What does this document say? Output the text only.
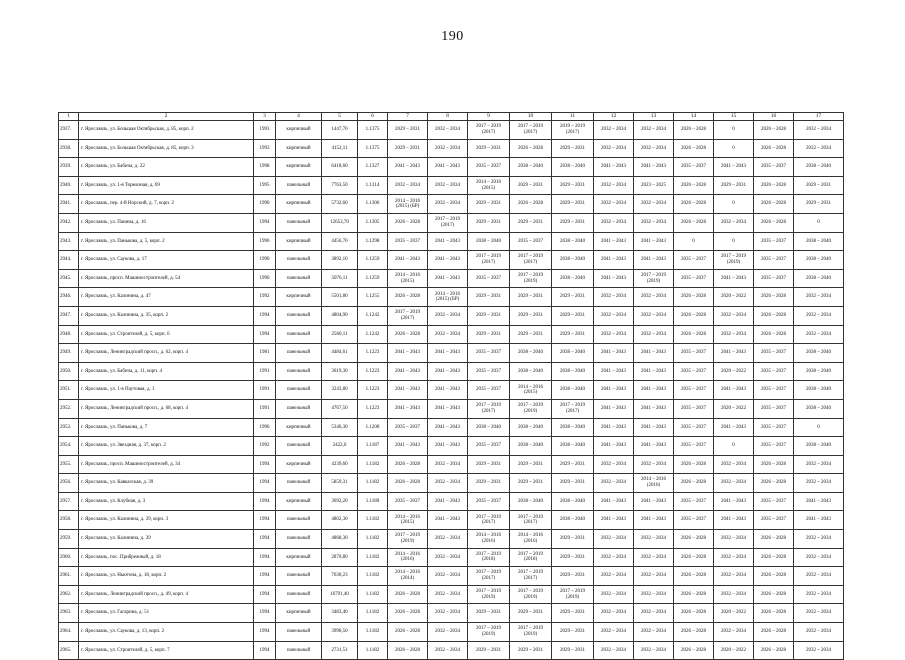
190
1	2	3	4	5	6	7	8	9	10	11	12	13	14	15	16	17
2937.	г. Ярославль, ул. Большая Октябрьская, д. 85, корп. 2	1993	кирпичный	1447,70	1.1375	2029 – 2031	2032 – 2034	2017 – 2019 (2017)	2017 – 2019 (2017)	2019 – 2019 (2017)	2032 – 2034	2032 – 2034	2026 – 2028	0	2026 – 2028	2032 – 2034
2938.	г. Ярославль, ул. Большая Октябрьская, д. 85, корп. 3	1993	кирпичный	4152,11	1.1375	2029 – 2031	2032 – 2034	2029 – 2031	2026 – 2028	2029 – 2031	2032 – 2034	2032 – 2034	2026 – 2028	0	2026 – 2028	2032 – 2034
2939.	г. Ярославль, ул. Бабича, д. 22	1998	кирпичный	6418,60	1.1327	2041 – 2043	2041 – 2043	2035 – 2037	2038 – 2040	2038 – 2040	2041 – 2043	2041 – 2043	2035 – 2037	2041 – 2043	2035 – 2037	2038 – 2040
2940.	г. Ярославль, ул. 1-я Тормозная, д. 69	1995	панельный	7763,50	1.1314	2032 – 2034	2032 – 2034	2014 – 2016 (2015)	2029 – 2031	2029 – 2031	2032 – 2034	2023 – 2025	2026 – 2028	2029 – 2031	2026 – 2028	2029 – 2031
2941.	г. Ярославль, пер. 4-й Норский, д. 7, корп. 2	1990	кирпичный	5732,60	1.1306	2014 – 2016 (2015) (БР)	2032 – 2034	2029 – 2031	2026 – 2028	2029 – 2031	2032 – 2034	2032 – 2034	2026 – 2028	0	2026 – 2028	2029 – 2031
2942.	г. Ярославль, ул. Панина, д. 16	1994	панельный	12653,70	1.1305	2026 – 2028	2017 – 2019 (2017)	2029 – 2031	2029 – 2031	2029 – 2031	2032 – 2034	2032 – 2034	2026 – 2028	2032 – 2034	2026 – 2028	0
2943.	г. Ярославль, ул. Панькова, д. 5, корп. 2	1996	кирпичный	4456,70	1.1298	2035 – 2037	2041 – 2043	2038 – 2040	2035 – 2037	2038 – 2040	2041 – 2043	2041 – 2043	0	0	2035 – 2037	2038 – 2040
2944.	г. Ярославль, ул. Саукова, д. 17	1990	панельный	3892,10	1.1259	2041 – 2043	2041 – 2043	2017 – 2019 (2017)	2017 – 2019 (2017)	2038 – 2040	2041 – 2043	2041 – 2043	2035 – 2037	2017 – 2019 (2019)	2035 – 2037	2038 – 2040
2945.	г. Ярославль, просп. Машиностроителей, д. 54	1990	панельный	5076,11	1.1259	2014 – 2016 (2015)	2041 – 2043	2035 – 2037	2017 – 2019 (2019)	2038 – 2040	2041 – 2043	2017 – 2019 (2019)	2035 – 2037	2041 – 2043	2035 – 2037	2038 – 2040
2946.	г. Ярославль, ул. Калинина, д. 47	1992	кирпичный	5501,80	1.1255	2026 – 2028	2014 – 2016 (2015) (БР)	2029 – 2031	2029 – 2031	2029 – 2031	2032 – 2034	2032 – 2034	2026 – 2028	2020 – 2022	2026 – 2028	2032 – 2034
2947.	г. Ярославль, ул. Калинина, д. 35, корп. 2	1994	панельный	4804,90	1.1242	2017 – 2019 (2017)	2032 – 2034	2029 – 2031	2029 – 2031	2029 – 2031	2032 – 2034	2032 – 2034	2026 – 2028	2032 – 2034	2026 – 2028	2032 – 2034
2948.	г. Ярославль, ул. Строителей, д. 5, корп. 6	1994	панельный	2560,11	1.1242	2026 – 2028	2032 – 2034	2029 – 2031	2029 – 2031	2029 – 2031	2032 – 2034	2032 – 2034	2026 – 2028	2032 – 2034	2026 – 2028	2032 – 2034
2949.	г. Ярославль, Ленинградский просп., д. 62, корп. 4	1981	панельный	4484,61	1.1223	2041 – 2043	2041 – 2043	2035 – 2037	2038 – 2040	2038 – 2040	2041 – 2043	2041 – 2043	2035 – 2037	2041 – 2043	2035 – 2037	2038 – 2040
2950.	г. Ярославль, ул. Бабича, д. 11, корп. 4	1991	панельный	3619,30	1.1223	2041 – 2043	2041 – 2043	2035 – 2037	2038 – 2040	2038 – 2040	2041 – 2043	2041 – 2043	2035 – 2037	2020 – 2022	2035 – 2037	2038 – 2040
2951.	г. Ярославль, ул. 1-я Паутовая, д. 1	1991	панельный	3243,80	1.1223	2041 – 2043	2041 – 2043	2035 – 2037	2014 – 2016 (2015)	2038 – 2040	2041 – 2043	2041 – 2043	2035 – 2037	2041 – 2043	2035 – 2037	2038 – 2040
2952.	г. Ярославль, Ленинградский просп., д. 68, корп. 4	1991	панельный	4767,50	1.1223	2041 – 2043	2041 – 2043	2017 – 2019 (2017)	2017 – 2019 (2019)	2017 – 2019 (2017)	2041 – 2043	2041 – 2043	2035 – 2037	2020 – 2022	2035 – 2037	2038 – 2040
2953.	г. Ярославль, ул. Панькова, д. 7	1996	кирпичный	5346,30	1.1208	2035 – 2037	2041 – 2043	2038 – 2040	2038 – 2040	2038 – 2040	2041 – 2043	2041 – 2043	2035 – 2037	2041 – 2043	2035 – 2037	0
2954.	г. Ярославль, ул. Звездная, д. 37, корп. 2	1992	панельный	2422,0	1.1187	2041 – 2043	2041 – 2043	2035 – 2037	2038 – 2040	2038 – 2040	2041 – 2043	2041 – 2043	2035 – 2037	0	2035 – 2037	2038 – 2040
2955.	г. Ярославль, просп. Машиностроителей, д. 34	1994	кирпичный	4239,60	1.1182	2026 – 2028	2032 – 2034	2029 – 2031	2029 – 2031	2029 – 2031	2032 – 2034	2032 – 2034	2026 – 2028	2032 – 2034	2026 – 2028	2032 – 2034
2956.	г. Ярославль, ул. Кавказская, д. 39	1994	панельный	5859,31	1.1182	2026 – 2028	2032 – 2034	2029 – 2031	2029 – 2031	2029 – 2031	2032 – 2034	2014 – 2016 (2016)	2026 – 2028	2032 – 2034	2026 – 2028	2032 – 2034
2957.	г. Ярославль, ул. Клубная, д. 3	1994	кирпичный	3692,20	1.1180	2035 – 2037	2041 – 2043	2035 – 2037	2038 – 2040	2038 – 2040	2041 – 2043	2041 – 2043	2035 – 2037	2041 – 2043	2035 – 2037	2041 – 2043
2958.	г. Ярославль, ул. Калинина, д. 39, корп. 3	1994	панельный	4802,30	1.1182	2014 – 2016 (2015)	2041 – 2043	2017 – 2019 (2017)	2017 – 2019 (2017)	2038 – 2040	2041 – 2043	2041 – 2043	2035 – 2037	2041 – 2043	2035 – 2037	2041 – 2043
2959.	г. Ярославль, ул. Калинина, д. 39	1994	панельный	4868,30	1.1182	2017 – 2019 (2019)	2032 – 2034	2014 – 2016 (2016)	2014 – 2016 (2016)	2029 – 2031	2032 – 2034	2032 – 2034	2026 – 2028	2032 – 2034	2026 – 2028	2032 – 2034
2960.	г. Ярославль, пос. Прибрежный, д. 18	1994	кирпичный	2870,80	1.1182	2014 – 2016 (2016)	2032 – 2034	2017 – 2019 (2018)	2017 – 2019 (2018)	2029 – 2031	2032 – 2034	2032 – 2034	2026 – 2028	2032 – 2034	2026 – 2028	2032 – 2034
2961.	г. Ярославль, ул. Ньютона, д. 18, корп. 2	1994	панельный	7630,23	1.1182	2014 – 2016 (2014)	2032 – 2034	2017 – 2019 (2017)	2017 – 2019 (2017)	2029 – 2031	2032 – 2034	2032 – 2034	2026 – 2028	2032 – 2034	2026 – 2028	2032 – 2034
2962.	г. Ярославль, Ленинградский просп., д. 49, корп. 4	1994	панельный	16791,40	1.1182	2026 – 2028	2032 – 2034	2017 – 2019 (2019)	2017 – 2019 (2019)	2017 – 2019 (2019)	2032 – 2034	2032 – 2034	2026 – 2028	2032 – 2034	2026 – 2028	2032 – 2034
2963.	г. Ярославль, ул. Гагарина, д. 51	1994	кирпичный	3483,40	1.1182	2026 – 2028	2032 – 2034	2029 – 2031	2029 – 2031	2029 – 2031	2032 – 2034	2032 – 2034	2026 – 2028	2020 – 2022	2026 – 2028	2032 – 2034
2964.	г. Ярославль, ул. Саукова, д. 13, корп. 2	1994	панельный	3990,50	1.1182	2026 – 2028	2032 – 2034	2017 – 2019 (2019)	2017 – 2019 (2019)	2029 – 2031	2032 – 2034	2032 – 2034	2026 – 2028	2032 – 2034	2026 – 2028	2032 – 2034
2965.	г. Ярославль, ул. Строителей, д. 5, корп. 7	1994	панельный	2731,51	1.1182	2026 – 2028	2032 – 2034	2029 – 2031	2029 – 2031	2029 – 2031	2032 – 2034	2032 – 2034	2026 – 2028	2020 – 2022	2026 – 2028	2032 – 2034
